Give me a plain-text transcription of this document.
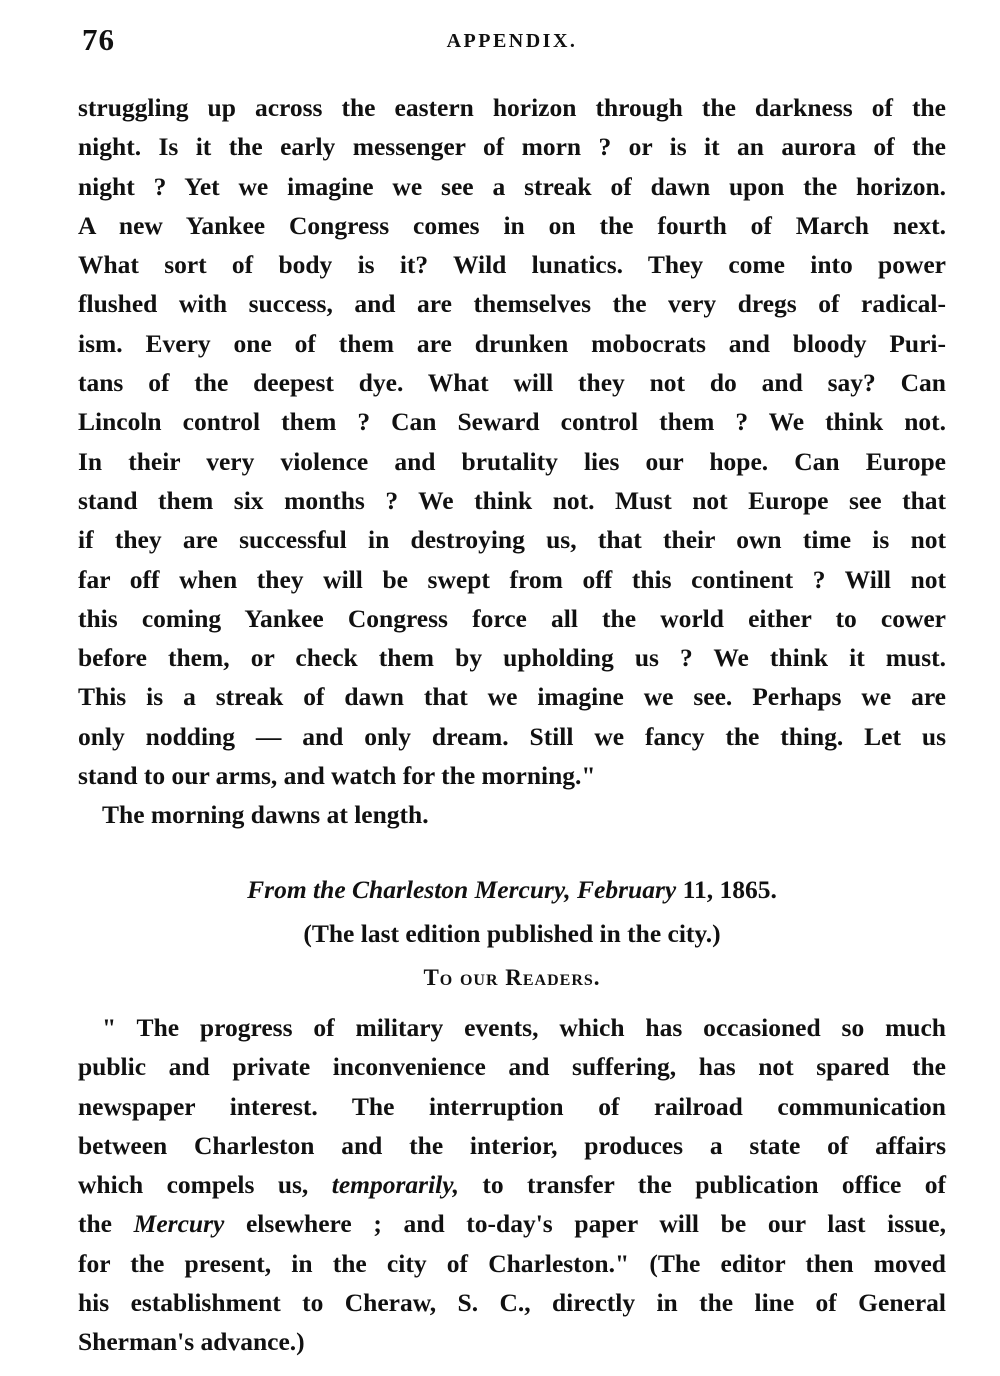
76	APPENDIX.
struggling up across the eastern horizon through the darkness of the
night. Is it the early messenger of morn ? or is it an aurora of the
night ? Yet we imagine we see a streak of dawn upon the horizon.
A new Yankee Congress comes in on the fourth of March next.
What sort of body is it? Wild lunatics. They come into power
flushed with success, and are themselves the very dregs of radical-
ism. Every one of them are drunken mobocrats and bloody Puri-
tans of the deepest dye. What will they not do and say? Can
Lincoln control them ? Can Seward control them ? We think not.
In their very violence and brutality lies our hope. Can Europe
stand them six months ? We think not. Must not Europe see that
if they are successful in destroying us, that their own time is not
far off when they will be swept from off this continent ? Will not
this coming Yankee Congress force all the world either to cower
before them, or check them by upholding us ? We think it must.
This is a streak of dawn that we imagine we see. Perhaps we are
only nodding — and only dream. Still we fancy the thing. Let us
stand to our arms, and watch for the morning."
The morning dawns at length.
From the Charleston Mercury, February 11, 1865.
(The last edition published in the city.)
To our Readers.
" The progress of military events, which has occasioned so much
public and private inconvenience and suffering, has not spared the
newspaper interest. The interruption of railroad communication
between Charleston and the interior, produces a state of affairs
which compels us, temporarily, to transfer the publication office of
the Mercury elsewhere ; and to-day's paper will be our last issue,
for the present, in the city of Charleston." (The editor then moved
his establishment to Cheraw, S. C., directly in the line of General
Sherman's advance.)
